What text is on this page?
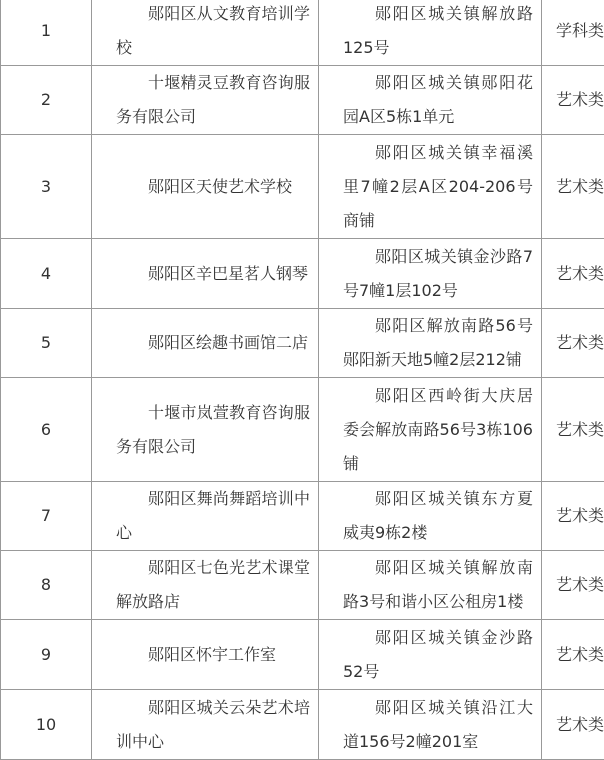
1	郧阳区从文教育培训学校	郧阳区城关镇解放路125号	学科类
2	十堰精灵豆教育咨询服务有限公司	郧阳区城关镇郧阳花园A区5栋1单元	艺术类
3	郧阳区天使艺术学校	郧阳区城关镇幸福溪里7幢2层A区204-206号商铺	艺术类
4	郧阳区辛巴星茗人钢琴	郧阳区城关镇金沙路7号7幢1层102号	艺术类
5	郧阳区绘趣书画馆二店	郧阳区解放南路56号郧阳新天地5幢2层212铺	艺术类
6	十堰市岚萱教育咨询服务有限公司	郧阳区西岭街大庆居委会解放南路56号3栋106铺	艺术类
7	郧阳区舞尚舞蹈培训中心	郧阳区城关镇东方夏威夷9栋2楼	艺术类
8	郧阳区七色光艺术课堂解放路店	郧阳区城关镇解放南路3号和谐小区公租房1楼	艺术类
9	郧阳区怀宇工作室	郧阳区城关镇金沙路52号	艺术类
10	郧阳区城关云朵艺术培训中心	郧阳区城关镇沿江大道156号2幢201室	艺术类
